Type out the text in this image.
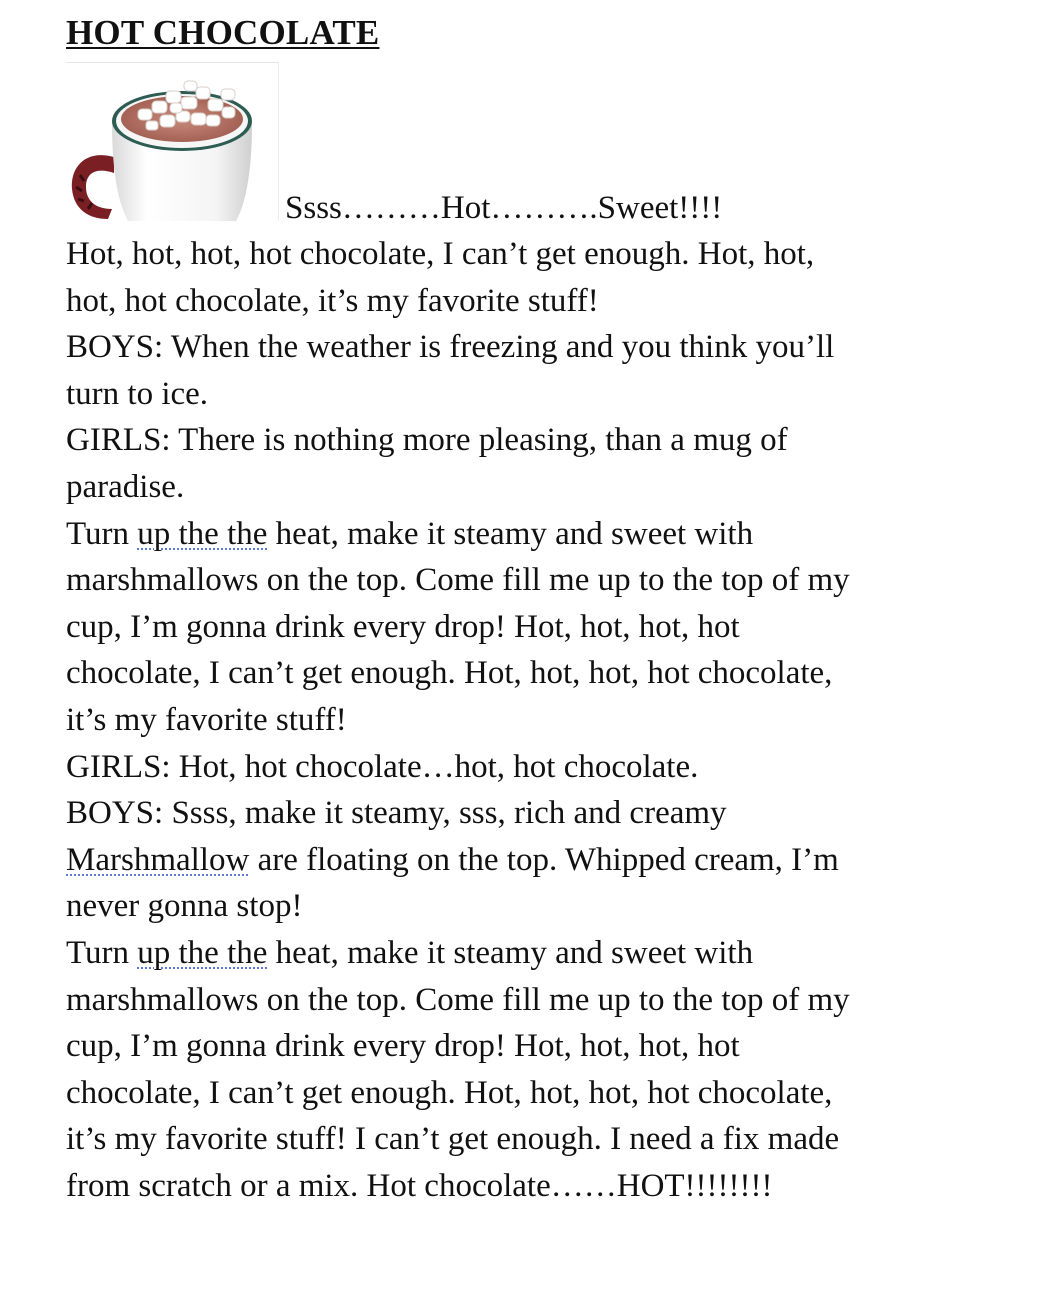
HOT CHOCOLATE
Ssss………Hot……….Sweet!!!!
Hot, hot, hot, hot chocolate, I can’t get enough. Hot, hot,
hot, hot chocolate, it’s my favorite stuff!
BOYS: When the weather is freezing and you think you’ll
turn to ice.
GIRLS: There is nothing more pleasing, than a mug of
paradise.
Turn up the the heat, make it steamy and sweet with
marshmallows on the top. Come fill me up to the top of my
cup, I’m gonna drink every drop! Hot, hot, hot, hot
chocolate, I can’t get enough. Hot, hot, hot, hot chocolate,
it’s my favorite stuff!
GIRLS: Hot, hot chocolate…hot, hot chocolate.
BOYS: Ssss, make it steamy, sss, rich and creamy
Marshmallow are floating on the top. Whipped cream, I’m
never gonna stop!
Turn up the the heat, make it steamy and sweet with
marshmallows on the top. Come fill me up to the top of my
cup, I’m gonna drink every drop! Hot, hot, hot, hot
chocolate, I can’t get enough. Hot, hot, hot, hot chocolate,
it’s my favorite stuff! I can’t get enough. I need a fix made
from scratch or a mix. Hot chocolate……HOT!!!!!!!!
